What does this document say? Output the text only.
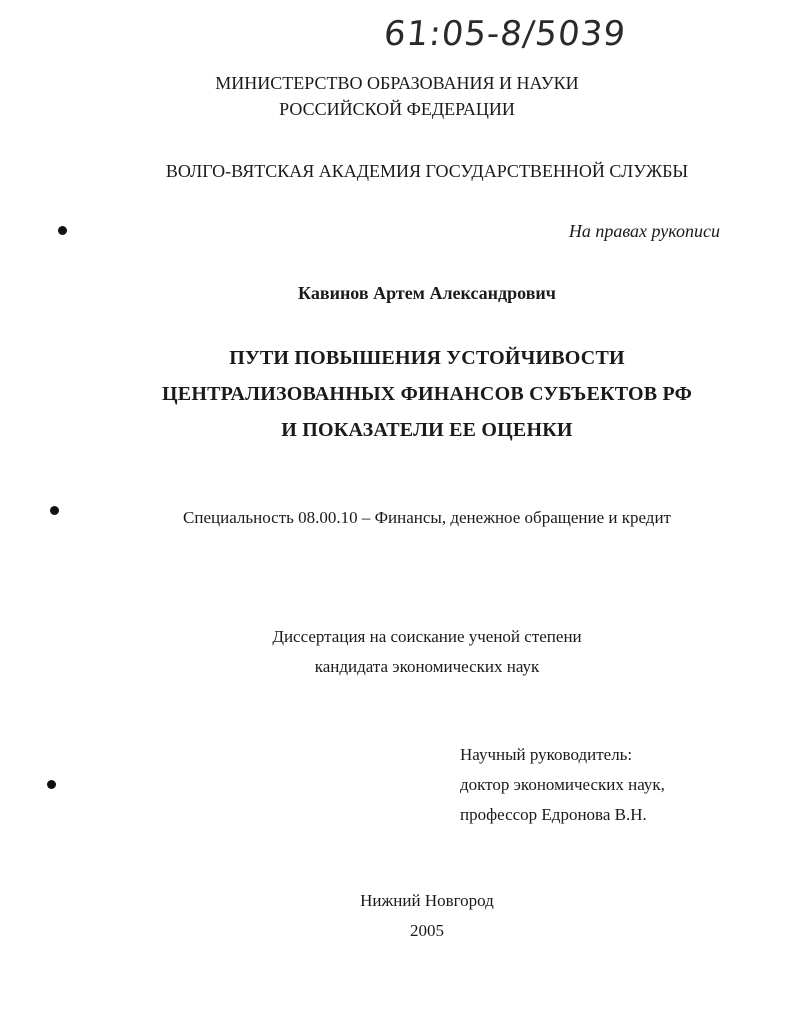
61:05-8/5039
МИНИСТЕРСТВО ОБРАЗОВАНИЯ И НАУКИ
РОССИЙСКОЙ ФЕДЕРАЦИИ
ВОЛГО-ВЯТСКАЯ АКАДЕМИЯ ГОСУДАРСТВЕННОЙ СЛУЖБЫ
На правах рукописи
Кавинов Артем Александрович
ПУТИ ПОВЫШЕНИЯ УСТОЙЧИВОСТИ
ЦЕНТРАЛИЗОВАННЫХ ФИНАНСОВ СУБЪЕКТОВ РФ
И ПОКАЗАТЕЛИ ЕЕ ОЦЕНКИ
Специальность 08.00.10 – Финансы, денежное обращение и кредит
Диссертация на соискание ученой степени
кандидата экономических наук
Научный руководитель:
доктор экономических наук,
профессор Едронова В.Н.
Нижний Новгород
2005
